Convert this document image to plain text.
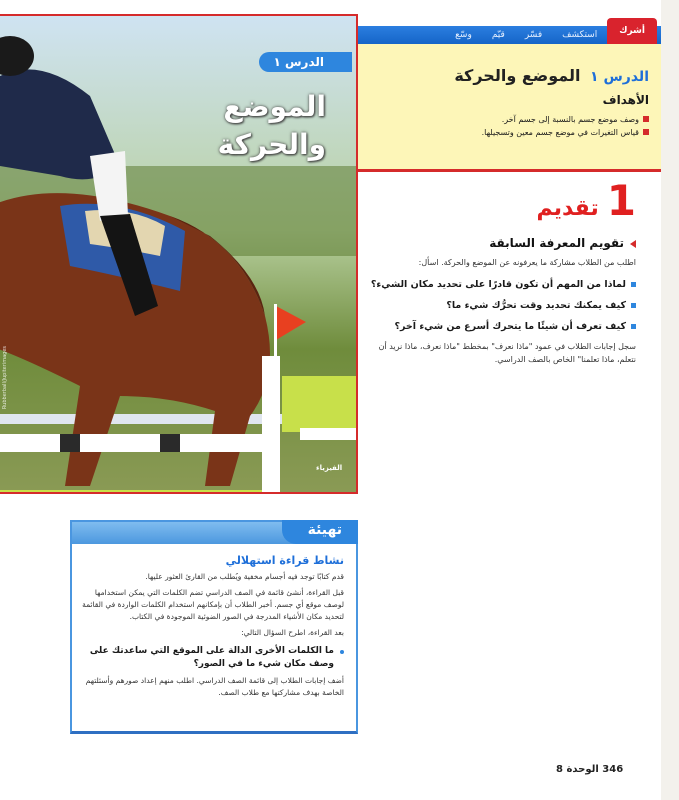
أشرك
استكشف
فسّر
قيّم
وسّع
الدرس ١
الموضع
والحركة
Rubberball/Jupiterimages
الفيزياء
الدرس ١ الموضع والحركة
الأهداف
وصف موضع جسم بالنسبة إلى جسم آخر.
قياس التغيرات في موضع جسم معين وتسجيلها.
1
تقديم
تقويم المعرفة السابقة
اطلب من الطلاب مشاركة ما يعرفونه عن الموضع والحركة. اسأل:
لماذا من المهم أن تكون قادرًا على تحديد مكان الشيء؟
كيف يمكنك تحديد وقت تحرُّك شيء ما؟
كيف تعرف أن شيئًا ما يتحرك أسرع من شيء آخر؟
سجل إجابات الطلاب في عمود "ماذا نعرف" بمخطط "ماذا نعرف، ماذا نريد أن نتعلم، ماذا تعلمنا" الخاص بالصف الدراسي.
تهيئة
نشاط قراءة استهلالي
قدم كتابًا توجد فيه أجسام مخفية ويُطلب من القارئ العثور عليها.
قبل القراءة، أنشئ قائمة في الصف الدراسي تضم الكلمات التي يمكن استخدامها لوصف موقع أي جسم. أخبر الطلاب أن بإمكانهم استخدام الكلمات الواردة في القائمة لتحديد مكان الأشياء المدرجة في الصور الضوئية الموجودة في الكتاب.
بعد القراءة، اطرح السؤال التالي:
ما الكلمات الأخرى الدالة على الموقع التي ساعدتك على وصف مكان شيء ما في الصور؟
أضف إجابات الطلاب إلى قائمة الصف الدراسي. اطلب منهم إعداد صورهم وأسئلتهم الخاصة بهدف مشاركتها مع طلاب الصف.
346 الوحدة 8
